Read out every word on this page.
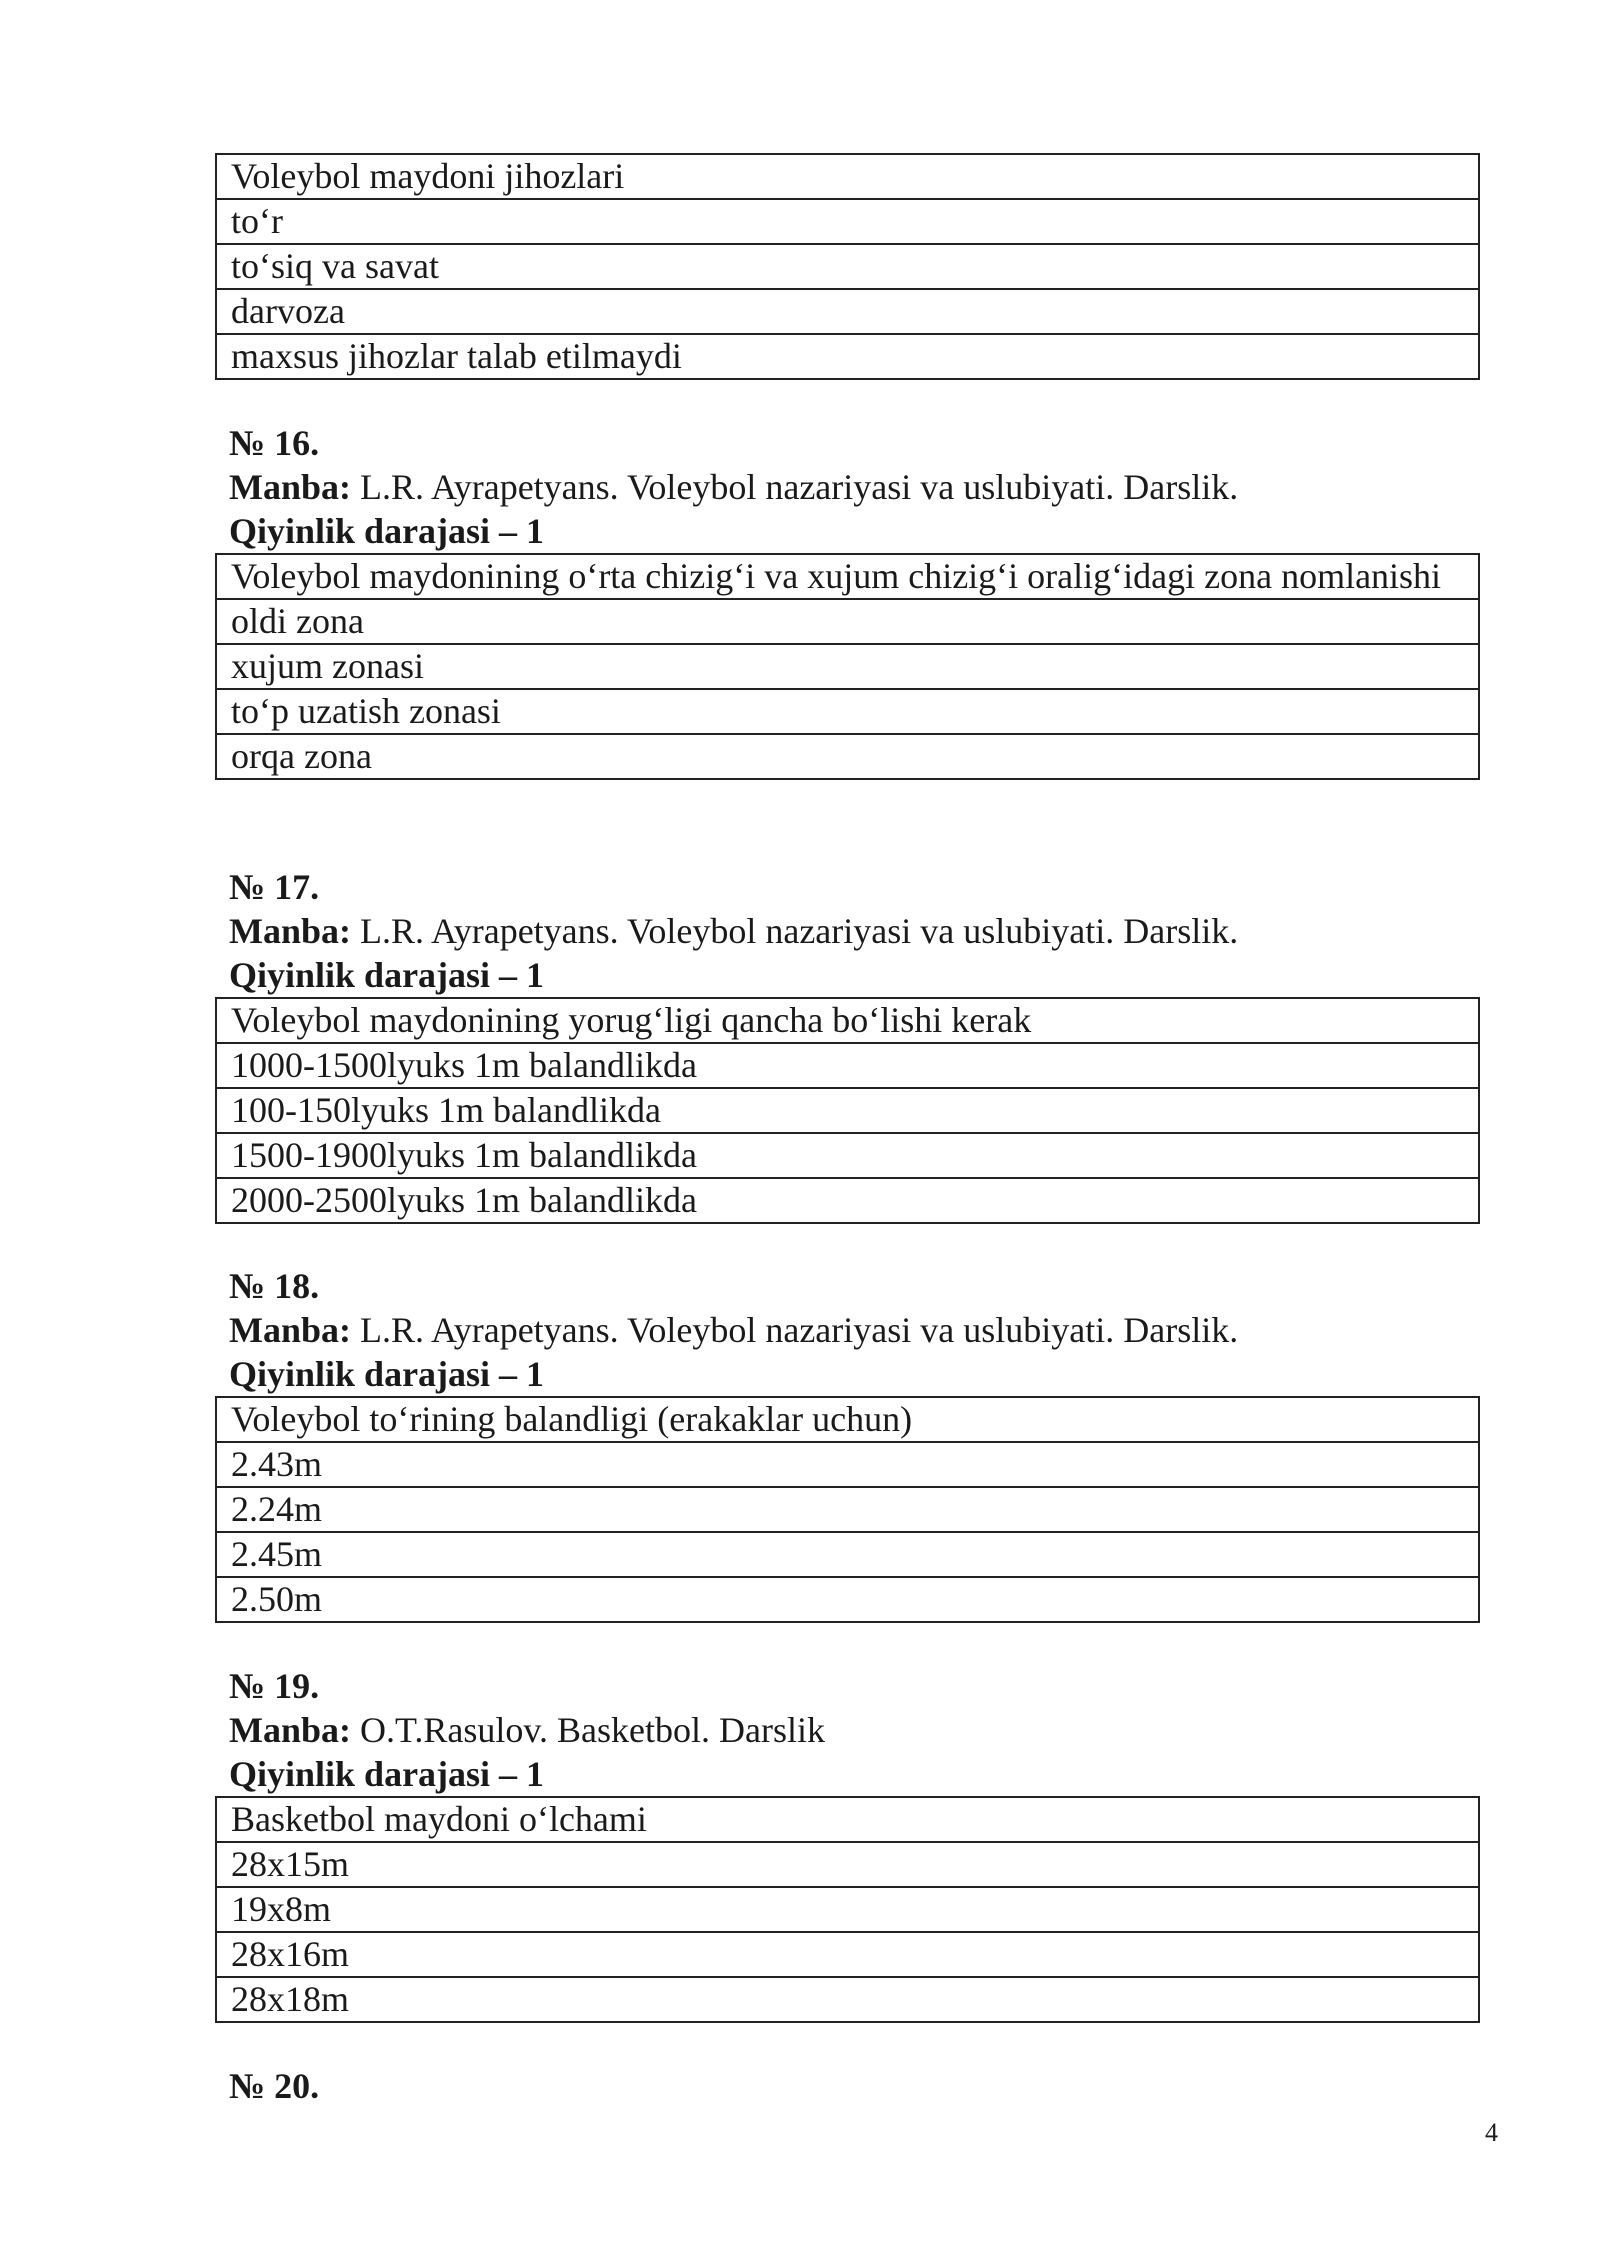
Voleybol maydoni jihozlari
to‘r
to‘siq va savat
darvoza
maxsus jihozlar talab etilmaydi
№ 16.
Manba: L.R. Ayrapetyans. Voleybol nazariyasi va uslubiyati. Darslik.
Qiyinlik darajasi – 1
Voleybol maydonining o‘rta chizig‘i va xujum chizig‘i oralig‘idagi zona nomlanishi
oldi zona
xujum zonasi
to‘p uzatish zonasi
orqa zona
№ 17.
Manba: L.R. Ayrapetyans. Voleybol nazariyasi va uslubiyati. Darslik.
Qiyinlik darajasi – 1
Voleybol maydonining yorug‘ligi qancha bo‘lishi kerak
1000-1500lyuks 1m balandlikda
100-150lyuks 1m balandlikda
1500-1900lyuks 1m balandlikda
2000-2500lyuks 1m balandlikda
№ 18.
Manba: L.R. Ayrapetyans. Voleybol nazariyasi va uslubiyati. Darslik.
Qiyinlik darajasi – 1
Voleybol to‘rining balandligi (erakaklar uchun)
2.43m
2.24m
2.45m
2.50m
№ 19.
Manba: O.T.Rasulov. Basketbol. Darslik
Qiyinlik darajasi – 1
Basketbol maydoni o‘lchami
28x15m
19x8m
28x16m
28x18m
№ 20.
4
